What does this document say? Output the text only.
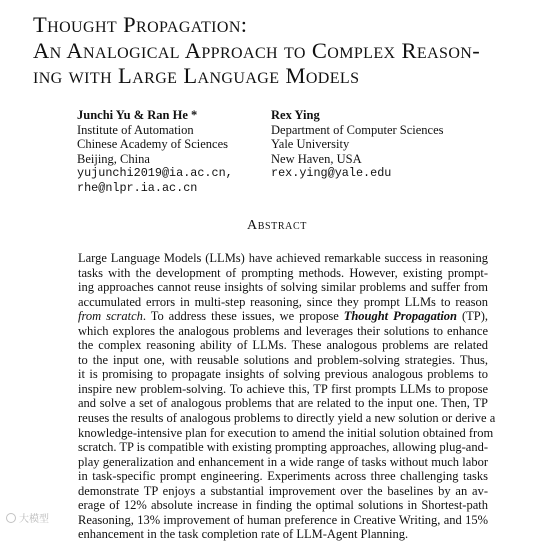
Thought Propagation:
An Analogical Approach to Complex Reason-
ing with Large Language Models
Junchi Yu & Ran He *
Institute of Automation
Chinese Academy of Sciences
Beijing, China
yujunchi2019@ia.ac.cn,
rhe@nlpr.ia.ac.cn
Rex Ying
Department of Computer Sciences
Yale University
New Haven, USA
rex.ying@yale.edu
Abstract
Large Language Models (LLMs) have achieved remarkable success in reasoning
tasks with the development of prompting methods. However, existing prompt-
ing approaches cannot reuse insights of solving similar problems and suffer from
accumulated errors in multi-step reasoning, since they prompt LLMs to reason
from scratch. To address these issues, we propose Thought Propagation (TP),
which explores the analogous problems and leverages their solutions to enhance
the complex reasoning ability of LLMs. These analogous problems are related
to the input one, with reusable solutions and problem-solving strategies. Thus,
it is promising to propagate insights of solving previous analogous problems to
inspire new problem-solving. To achieve this, TP first prompts LLMs to propose
and solve a set of analogous problems that are related to the input one. Then, TP
reuses the results of analogous problems to directly yield a new solution or derive a
knowledge-intensive plan for execution to amend the initial solution obtained from
scratch. TP is compatible with existing prompting approaches, allowing plug-and-
play generalization and enhancement in a wide range of tasks without much labor
in task-specific prompt engineering. Experiments across three challenging tasks
demonstrate TP enjoys a substantial improvement over the baselines by an av-
erage of 12% absolute increase in finding the optimal solutions in Shortest-path
Reasoning, 13% improvement of human preference in Creative Writing, and 15%
enhancement in the task completion rate of LLM-Agent Planning.
大模型
